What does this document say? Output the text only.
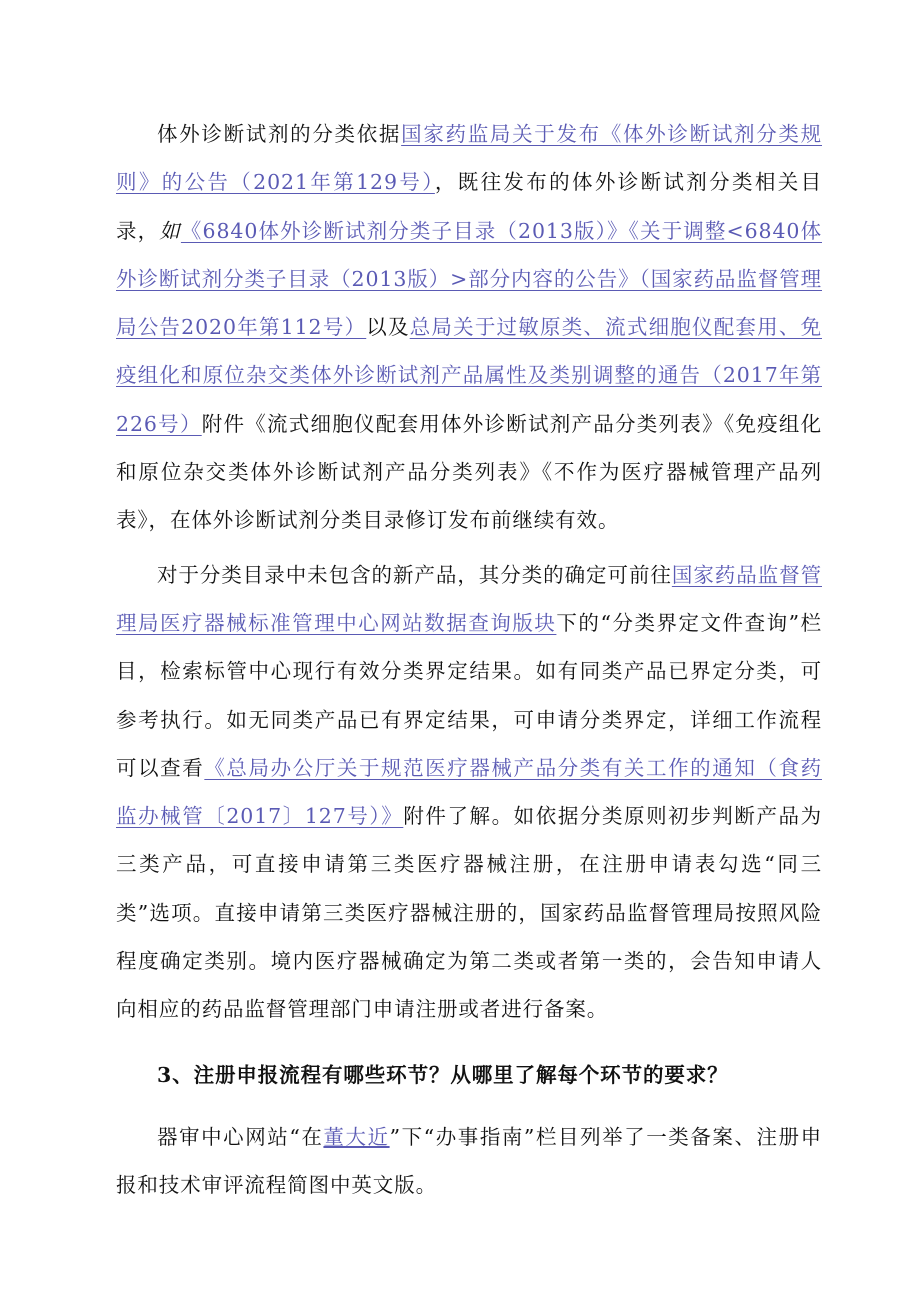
体外诊断试剂的分类依据国家药监局关于发布《体外诊断试剂分类规则》的公告（2021年第129号），既往发布的体外诊断试剂分类相关目录，如《6840体外诊断试剂分类子目录（2013版）》《关于调整<6840体外诊断试剂分类子目录（2013版）>部分内容的公告》（国家药品监督管理局公告2020年第112号）以及总局关于过敏原类、流式细胞仪配套用、免疫组化和原位杂交类体外诊断试剂产品属性及类别调整的通告（2017年第226号）附件《流式细胞仪配套用体外诊断试剂产品分类列表》《免疫组化和原位杂交类体外诊断试剂产品分类列表》《不作为医疗器械管理产品列表》，在体外诊断试剂分类目录修订发布前继续有效。

对于分类目录中未包含的新产品，其分类的确定可前往国家药品监督管理局医疗器械标准管理中心网站数据查询版块下的“分类界定文件查询”栏目，检索标管中心现行有效分类界定结果。如有同类产品已界定分类，可参考执行。如无同类产品已有界定结果，可申请分类界定，详细工作流程可以查看《总局办公厅关于规范医疗器械产品分类有关工作的通知（食药监办械管〔2017〕127号）》附件了解。如依据分类原则初步判断产品为三类产品，可直接申请第三类医疗器械注册，在注册申请表勾选“同三类”选项。直接申请第三类医疗器械注册的，国家药品监督管理局按照风险程度确定类别。境内医疗器械确定为第二类或者第一类的，会告知申请人向相应的药品监督管理部门申请注册或者进行备案。

3、注册申报流程有哪些环节？从哪里了解每个环节的要求？

器审中心网站“在董大近”下“办事指南”栏目列举了一类备案、注册申报和技术审评流程简图中英文版。
